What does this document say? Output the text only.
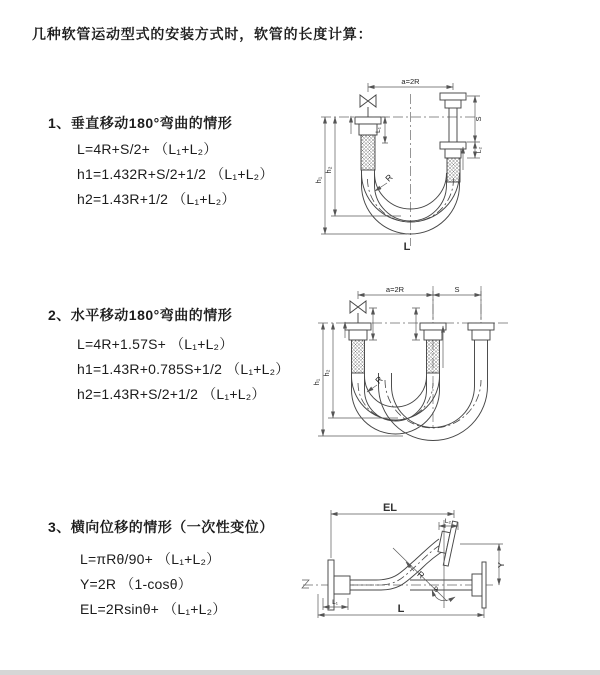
几种软管运动型式的安装方式时，软管的长度计算：
1、垂直移动180°弯曲的情形
L=4R+S/2+ （L₁+L₂）
h1=1.432R+S/2+1/2 （L₁+L₂）
h2=1.43R+1/2 （L₁+L₂）
2、水平移动180°弯曲的情形
L=4R+1.57S+ （L₁+L₂）
h1=1.43R+0.785S+1/2 （L₁+L₂）
h2=1.43R+S/2+1/2 （L₁+L₂）
3、横向位移的情形（一次性变位）
L=πRθ/90+ （L₁+L₂）
Y=2R （1-cosθ）
EL=2Rsinθ+ （L₁+L₂）
a=2R
S
L₂
L₁
h₁
h₂
R
L
a=2R	S
h₁
h₂
R
θ
EL
L₂
Y
L₁
L
R
